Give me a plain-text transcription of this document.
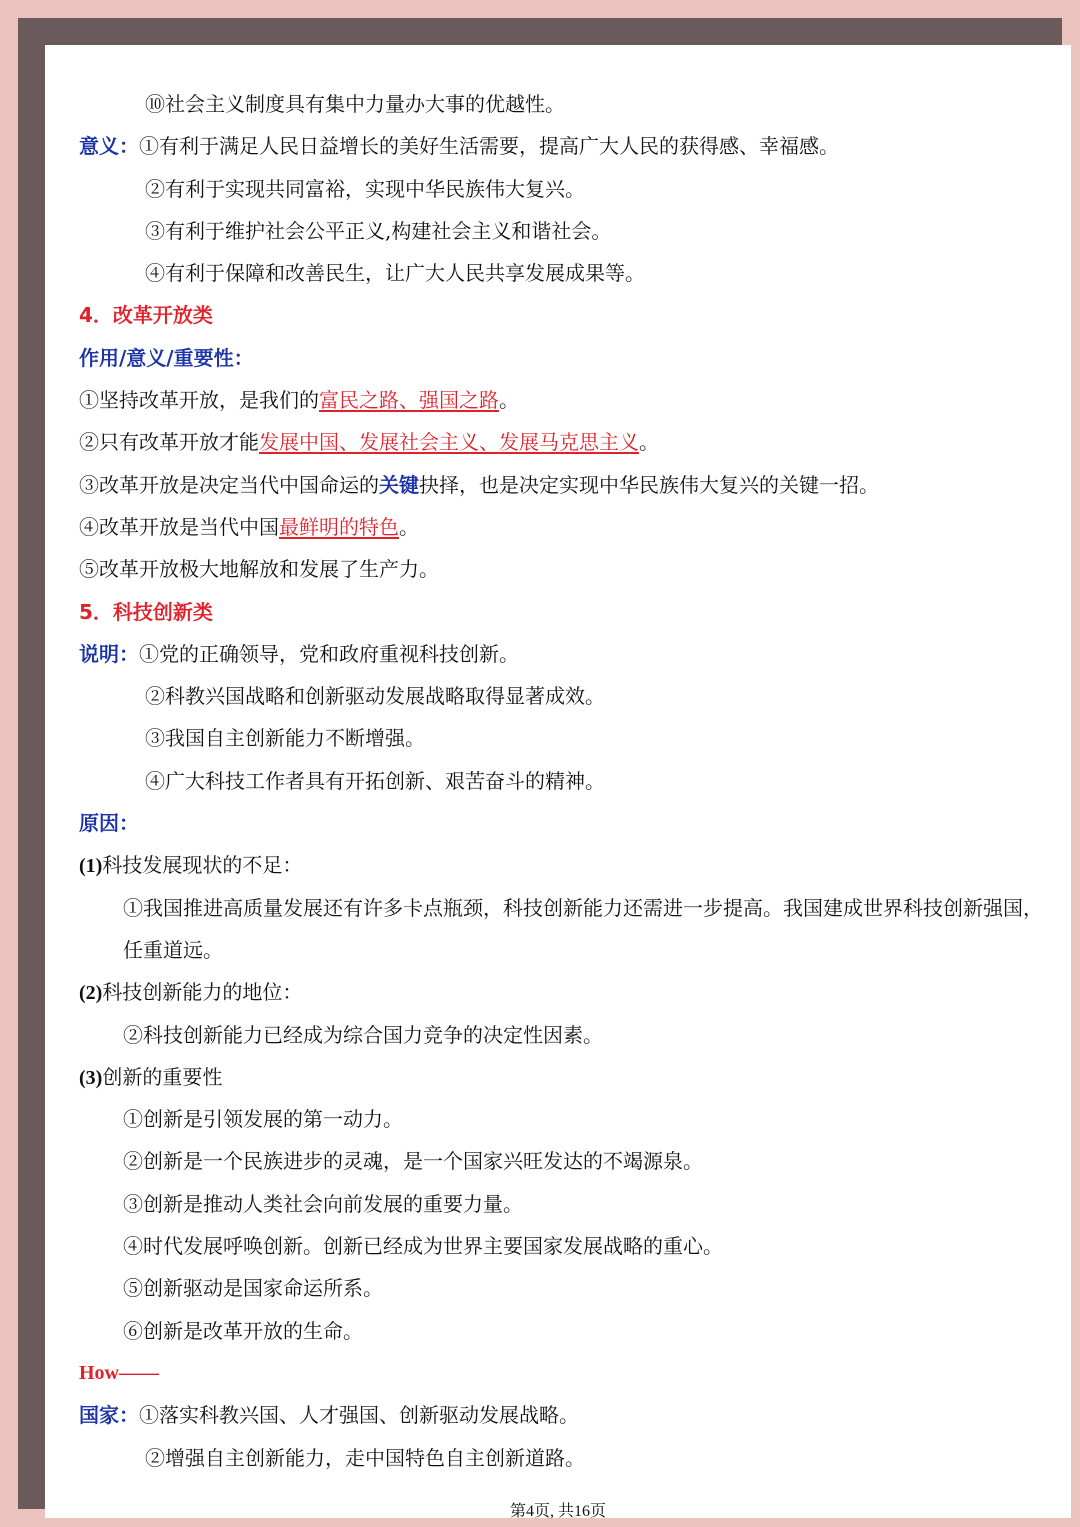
⑩社会主义制度具有集中力量办大事的优越性。
意义：①有利于满足人民日益增长的美好生活需要，提高广大人民的获得感、幸福感。
②有利于实现共同富裕，实现中华民族伟大复兴。
③有利于维护社会公平正义,构建社会主义和谐社会。
④有利于保障和改善民生，让广大人民共享发展成果等。
4．改革开放类
作用/意义/重要性：
①坚持改革开放，是我们的富民之路、强国之路。
②只有改革开放才能发展中国、发展社会主义、发展马克思主义。
③改革开放是决定当代中国命运的关键抉择，也是决定实现中华民族伟大复兴的关键一招。
④改革开放是当代中国最鲜明的特色。
⑤改革开放极大地解放和发展了生产力。
5．科技创新类
说明：①党的正确领导，党和政府重视科技创新。
②科教兴国战略和创新驱动发展战略取得显著成效。
③我国自主创新能力不断增强。
④广大科技工作者具有开拓创新、艰苦奋斗的精神。
原因：
(1)科技发展现状的不足：
①我国推进高质量发展还有许多卡点瓶颈，科技创新能力还需进一步提高。我国建成世界科技创新强国，任重道远。
(2)科技创新能力的地位：
②科技创新能力已经成为综合国力竞争的决定性因素。
(3)创新的重要性
①创新是引领发展的第一动力。
②创新是一个民族进步的灵魂，是一个国家兴旺发达的不竭源泉。
③创新是推动人类社会向前发展的重要力量。
④时代发展呼唤创新。创新已经成为世界主要国家发展战略的重心。
⑤创新驱动是国家命运所系。
⑥创新是改革开放的生命。
How——
国家：①落实科教兴国、人才强国、创新驱动发展战略。
②增强自主创新能力，走中国特色自主创新道路。
第4页, 共16页
